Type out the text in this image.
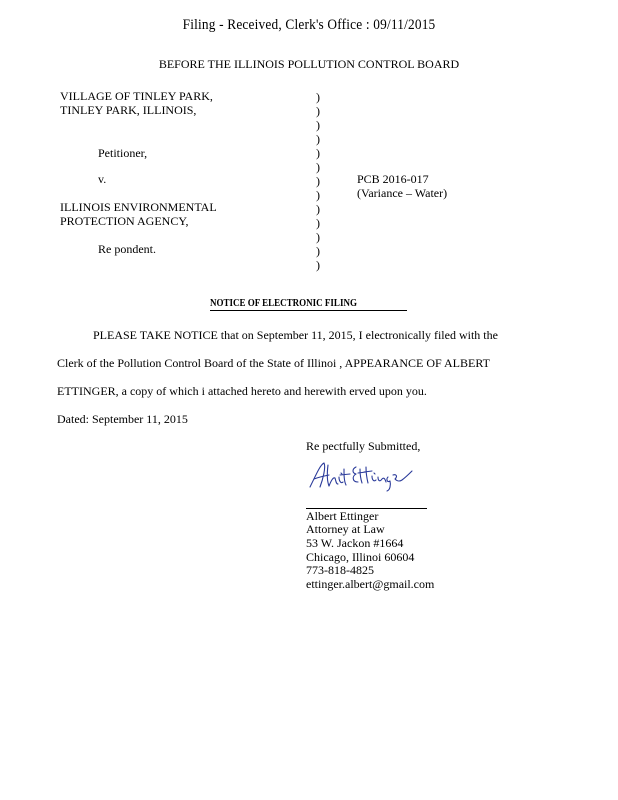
Filing - Received, Clerk's Office : 09/11/2015
BEFORE THE ILLINOIS POLLUTION CONTROL BOARD
VILLAGE OF TINLEY PARK,
TINLEY PARK, ILLINOIS,
Petitioner,
v.
ILLINOIS ENVIRONMENTAL
PROTECTION AGENCY,
Re pondent.
)
)
)
)
)
)
)
)
)
)
)
)
)
PCB 2016-017
(Variance – Water)
NOTICE OF ELECTRONIC FILING
PLEASE TAKE NOTICE that on September 11, 2015, I electronically filed with the
Clerk of the Pollution Control Board of the State of Illinoi , APPEARANCE OF ALBERT
ETTINGER, a copy of which i attached hereto and herewith erved upon you.
Dated: September 11, 2015
Re pectfully Submitted,
Albert Ettinger
Attorney at Law
53 W. Jackon #1664
Chicago, Illinoi 60604
773-818-4825
ettinger.albert@gmail.com
